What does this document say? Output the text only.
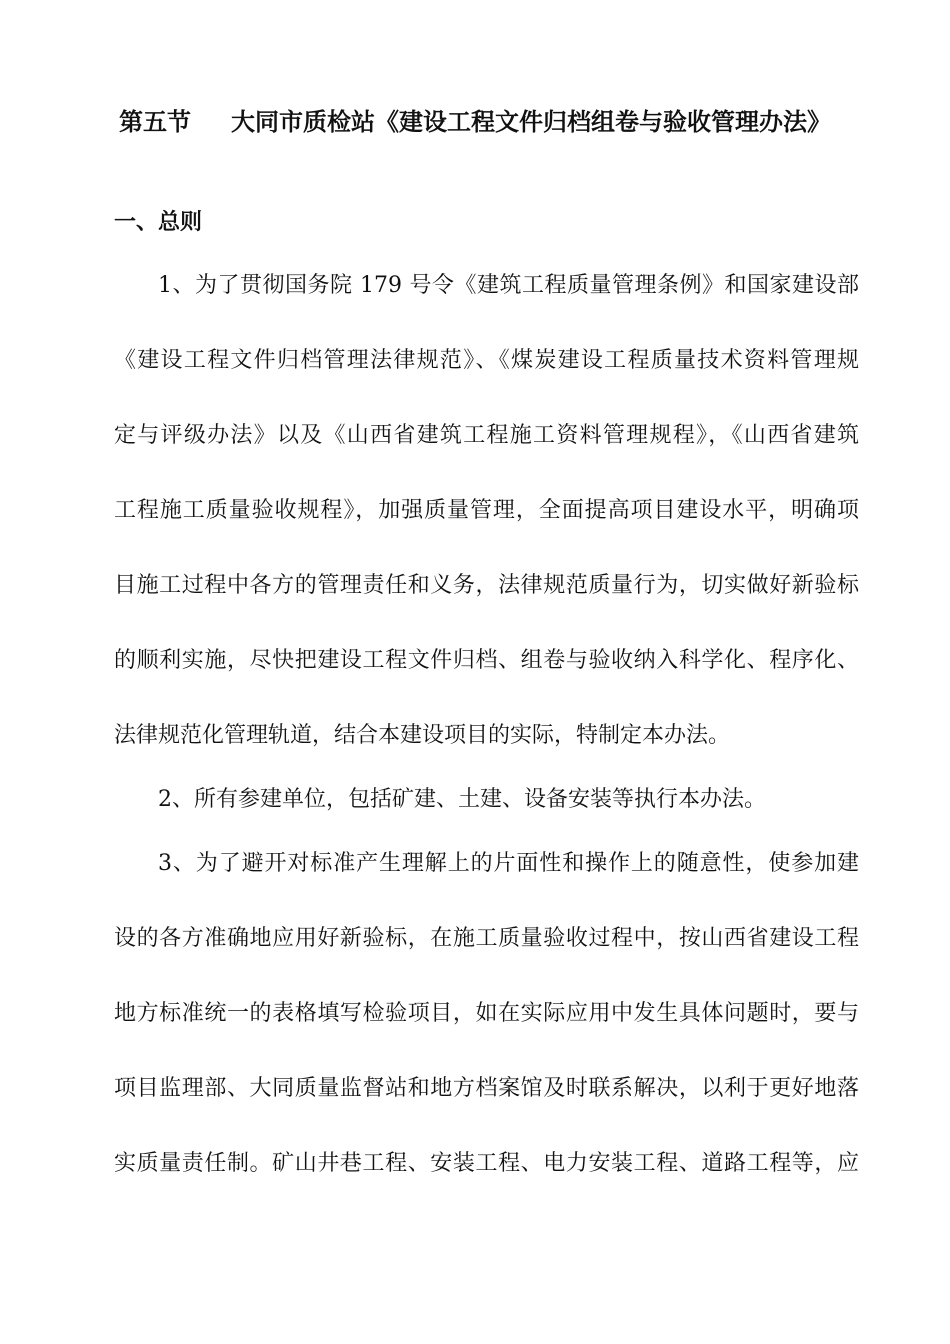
第五节 大同市质检站《建设工程文件归档组卷与验收管理办法》
一、总则
1、为了贯彻国务院 179 号令《建筑工程质量管理条例》和国家建设部
《建设工程文件归档管理法律规范》、《煤炭建设工程质量技术资料管理规
定与评级办法》以及《山西省建筑工程施工资料管理规程》，《山西省建筑
工程施工质量验收规程》，加强质量管理，全面提高项目建设水平，明确项
目施工过程中各方的管理责任和义务，法律规范质量行为，切实做好新验标
的顺利实施，尽快把建设工程文件归档、组卷与验收纳入科学化、程序化、
法律规范化管理轨道，结合本建设项目的实际，特制定本办法。
2、所有参建单位，包括矿建、土建、设备安装等执行本办法。
3、为了避开对标准产生理解上的片面性和操作上的随意性，使参加建
设的各方准确地应用好新验标，在施工质量验收过程中，按山西省建设工程
地方标准统一的表格填写检验项目，如在实际应用中发生具体问题时，要与
项目监理部、大同质量监督站和地方档案馆及时联系解决，以利于更好地落
实质量责任制。矿山井巷工程、安装工程、电力安装工程、道路工程等，应
